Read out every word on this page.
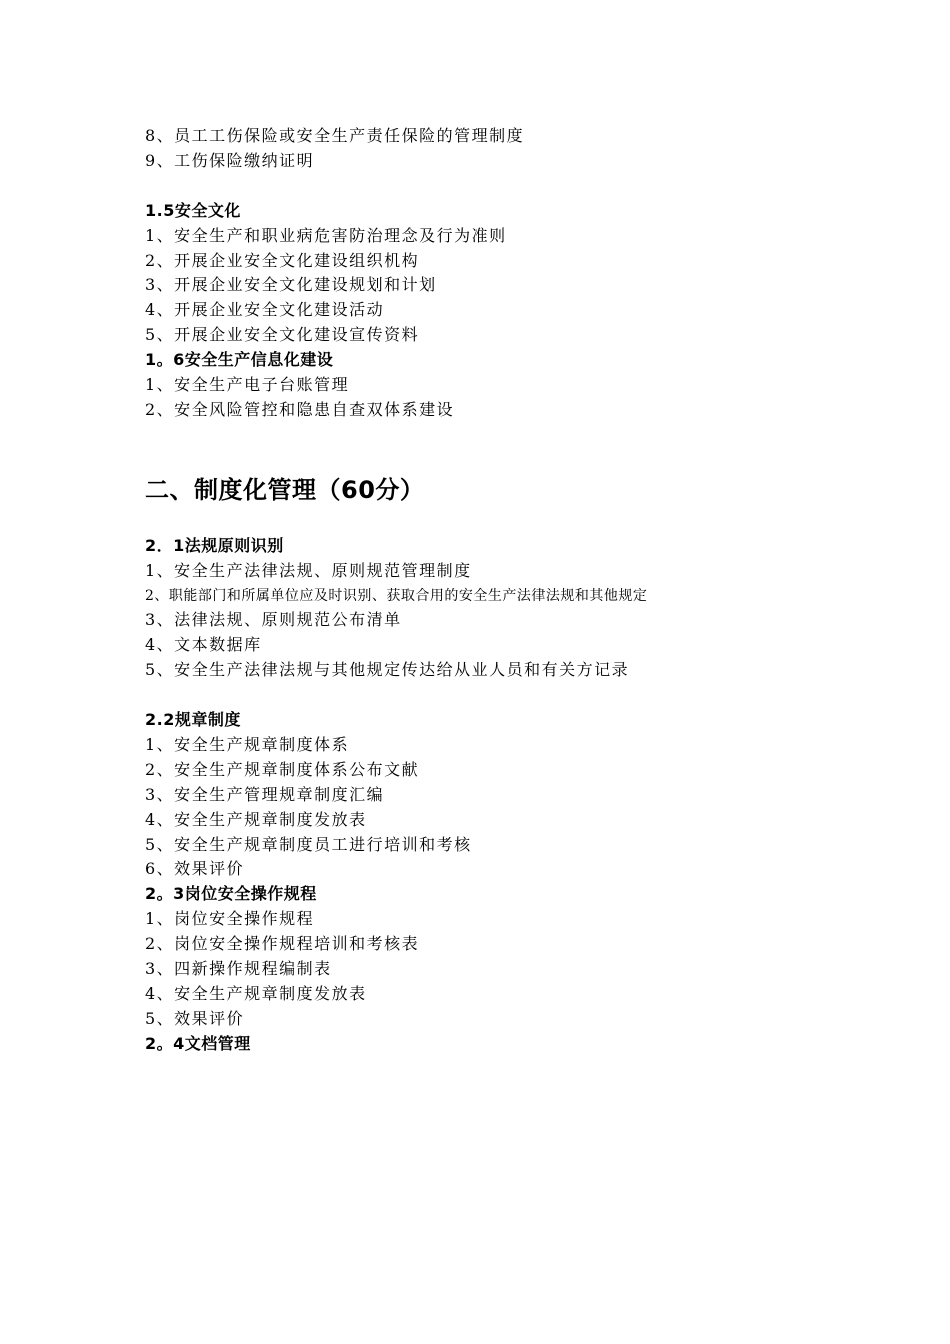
8、员工工伤保险或安全生产责任保险的管理制度
9、工伤保险缴纳证明
1.5安全文化
1、安全生产和职业病危害防治理念及行为准则
2、开展企业安全文化建设组织机构
3、开展企业安全文化建设规划和计划
4、开展企业安全文化建设活动
5、开展企业安全文化建设宣传资料
1。6安全生产信息化建设
1、安全生产电子台账管理
2、安全风险管控和隐患自查双体系建设
二、制度化管理（60分）
2．1法规原则识别
1、安全生产法律法规、原则规范管理制度
2、职能部门和所属单位应及时识别、获取合用的安全生产法律法规和其他规定
3、法律法规、原则规范公布清单
4、文本数据库
5、安全生产法律法规与其他规定传达给从业人员和有关方记录
2.2规章制度
1、安全生产规章制度体系
2、安全生产规章制度体系公布文献
3、安全生产管理规章制度汇编
4、安全生产规章制度发放表
5、安全生产规章制度员工进行培训和考核
6、效果评价
2。3岗位安全操作规程
1、岗位安全操作规程
2、岗位安全操作规程培训和考核表
3、四新操作规程编制表
4、安全生产规章制度发放表
5、效果评价
2。4文档管理
